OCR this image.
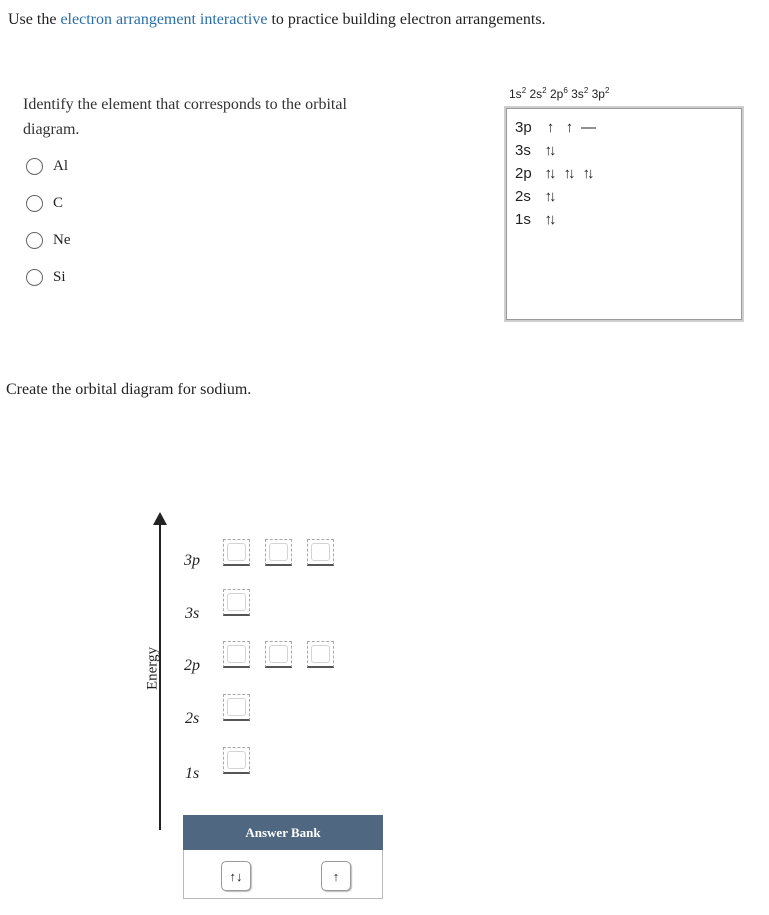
Use the electron arrangement interactive to practice building electron arrangements.
Identify the element that corresponds to the orbital diagram.
Al
C
Ne
Si
$1s^2$ $2s^2$ $2p^6$ $3s^2$ $3p^2$
3p	↑ ↑ —
3s ↑↓
2p ↑↓ ↑↓ ↑↓
2s ↑↓
1s ↑↓
Create the orbital diagram for sodium.
Energy
3p
3s
2p
2s
1s
Answer Bank
↑↓	↑
